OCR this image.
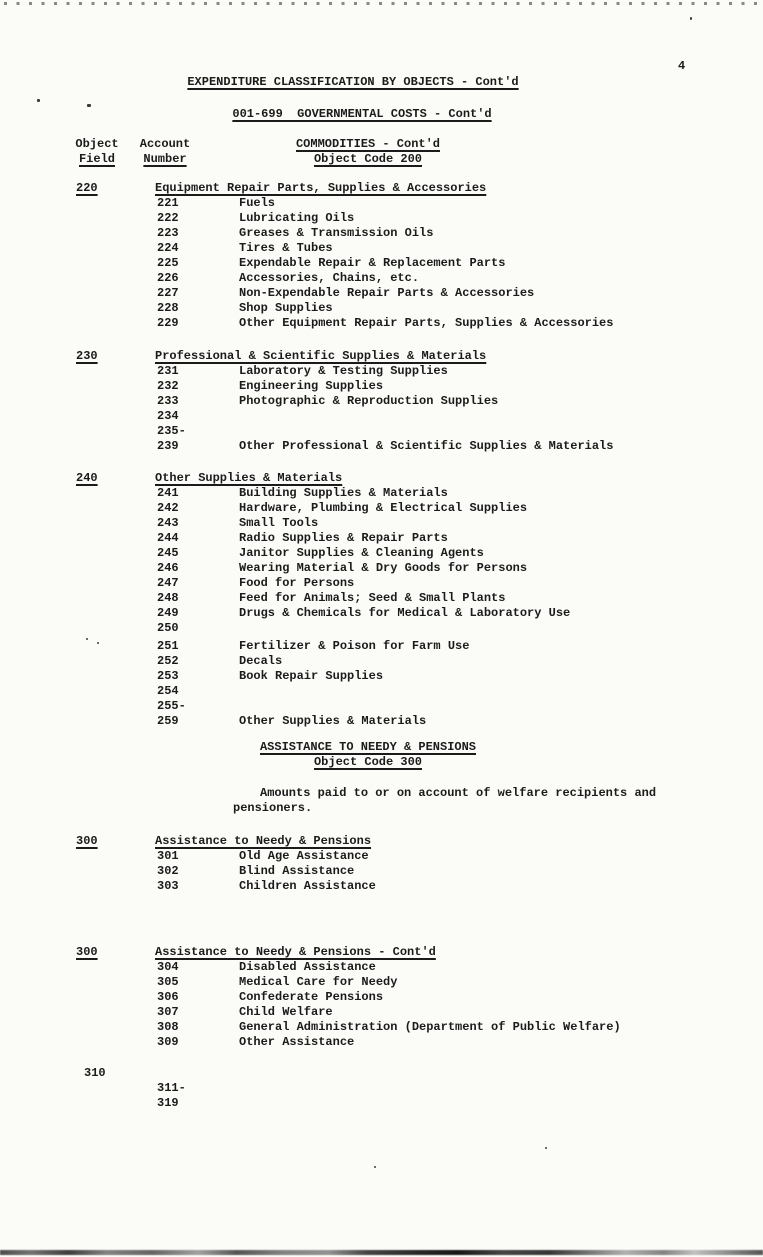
4
EXPENDITURE CLASSIFICATION BY OBJECTS - Cont'd
001-699  GOVERNMENTAL COSTS - Cont'd
Object
Field
Account
Number
COMMODITIES - Cont'd
Object Code 200
220	Equipment Repair Parts, Supplies & Accessories
221	Fuels
222	Lubricating Oils
223	Greases & Transmission Oils
224	Tires & Tubes
225	Expendable Repair & Replacement Parts
226	Accessories, Chains, etc.
227	Non-Expendable Repair Parts & Accessories
228	Shop Supplies
229	Other Equipment Repair Parts, Supplies & Accessories
230	Professional & Scientific Supplies & Materials
231	Laboratory & Testing Supplies
232	Engineering Supplies
233	Photographic & Reproduction Supplies
234
235-
239	Other Professional & Scientific Supplies & Materials
240	Other Supplies & Materials
241	Building Supplies & Materials
242	Hardware, Plumbing & Electrical Supplies
243	Small Tools
244	Radio Supplies & Repair Parts
245	Janitor Supplies & Cleaning Agents
246	Wearing Material & Dry Goods for Persons
247	Food for Persons
248	Feed for Animals; Seed & Small Plants
249	Drugs & Chemicals for Medical & Laboratory Use
250
251	Fertilizer & Poison for Farm Use
252	Decals
253	Book Repair Supplies
254
255-
259	Other Supplies & Materials
ASSISTANCE TO NEEDY & PENSIONS
Object Code 300
Amounts paid to or on account of welfare recipients and
pensioners.
300	Assistance to Needy & Pensions
301	Old Age Assistance
302	Blind Assistance
303	Children Assistance
300	Assistance to Needy & Pensions - Cont'd
304	Disabled Assistance
305	Medical Care for Needy
306	Confederate Pensions
307	Child Welfare
308	General Administration (Department of Public Welfare)
309	Other Assistance
310
311-
319
